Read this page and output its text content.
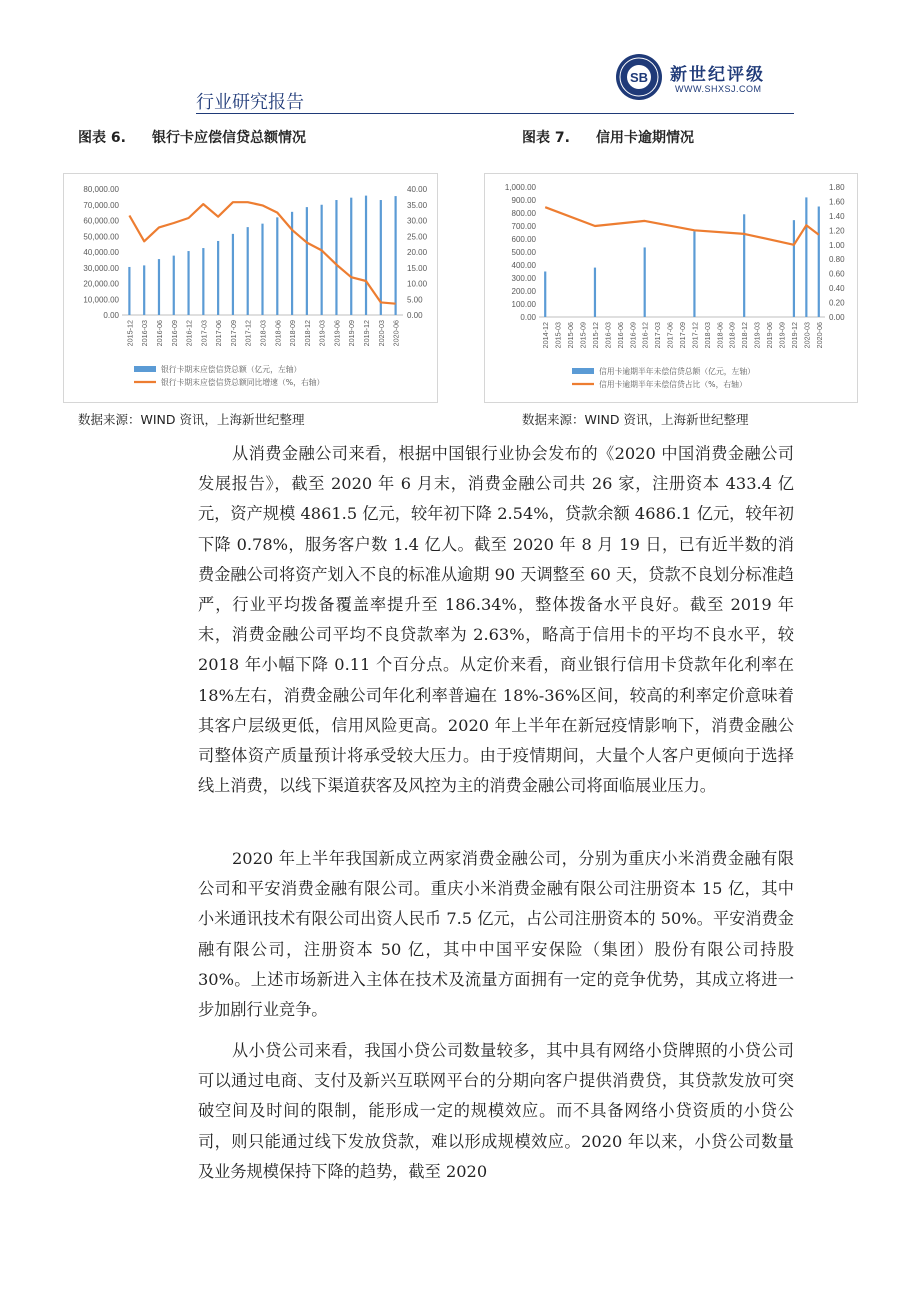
行业研究报告
SB 新世纪评级
WWW.SHXSJ.COM
图表 6. 银行卡应偿信贷总额情况	图表 7. 信用卡逾期情况
80,000.00
70,000.00
60,000.00
50,000.00
40,000.00
30,000.00
20,000.00
10,000.00
0.00
40.00
35.00
30.00
25.00
20.00
15.00
10.00
5.00
0.00
2015-12 2016-03 2016-06 2016-09 2016-12 2017-03 2017-06 2017-09 2017-12 2018-03 2018-06 2018-09 2018-12 2019-03 2019-06 2019-09 2019-12 2020-03 2020-06
银行卡期末应偿信贷总额（亿元，左轴）
银行卡期末应偿信贷总额同比增速（%，右轴）
1,000.00
900.00
800.00
700.00
600.00
500.00
400.00
300.00
200.00
100.00
0.00
1.80
1.60
1.40
1.20
1.00
0.80
0.60
0.40
0.20
0.00
2014-12 2015-03 2015-06 2015-09 2015-12 2016-03 2016-06 2016-09 2016-12 2017-03 2017-06 2017-09 2017-12 2018-03 2018-06 2018-09 2018-12 2019-03 2019-06 2019-09 2019-12 2020-03 2020-06
信用卡逾期半年未偿信贷总额（亿元，左轴）
信用卡逾期半年未偿信贷占比（%，右轴）
数据来源：WIND 资讯，上海新世纪整理	数据来源：WIND 资讯，上海新世纪整理

从消费金融公司来看，根据中国银行业协会发布的《2020 中国消费金融公司发展报告》，截至 2020 年 6 月末，消费金融公司共 26 家，注册资本 433.4 亿元，资产规模 4861.5 亿元，较年初下降 2.54%，贷款余额 4686.1 亿元，较年初下降 0.78%，服务客户数 1.4 亿人。截至 2020 年 8 月 19 日，已有近半数的消费金融公司将资产划入不良的标准从逾期 90 天调整至 60 天，贷款不良划分标准趋严，行业平均拨备覆盖率提升至 186.34%，整体拨备水平良好。截至 2019 年末，消费金融公司平均不良贷款率为 2.63%，略高于信用卡的平均不良水平，较 2018 年小幅下降 0.11 个百分点。从定价来看，商业银行信用卡贷款年化利率在 18%左右，消费金融公司年化利率普遍在 18%-36%区间，较高的利率定价意味着其客户层级更低，信用风险更高。2020 年上半年在新冠疫情影响下，消费金融公司整体资产质量预计将承受较大压力。由于疫情期间，大量个人客户更倾向于选择线上消费，以线下渠道获客及风控为主的消费金融公司将面临展业压力。

2020 年上半年我国新成立两家消费金融公司，分别为重庆小米消费金融有限公司和平安消费金融有限公司。重庆小米消费金融有限公司注册资本 15 亿，其中小米通讯技术有限公司出资人民币 7.5 亿元，占公司注册资本的 50%。平安消费金融有限公司，注册资本 50 亿，其中中国平安保险（集团）股份有限公司持股 30%。上述市场新进入主体在技术及流量方面拥有一定的竞争优势，其成立将进一步加剧行业竞争。

从小贷公司来看，我国小贷公司数量较多，其中具有网络小贷牌照的小贷公司可以通过电商、支付及新兴互联网平台的分期向客户提供消费贷，其贷款发放可突破空间及时间的限制，能形成一定的规模效应。而不具备网络小贷资质的小贷公司，则只能通过线下发放贷款，难以形成规模效应。2020 年以来，小贷公司数量及业务规模保持下降的趋势，截至 2020
